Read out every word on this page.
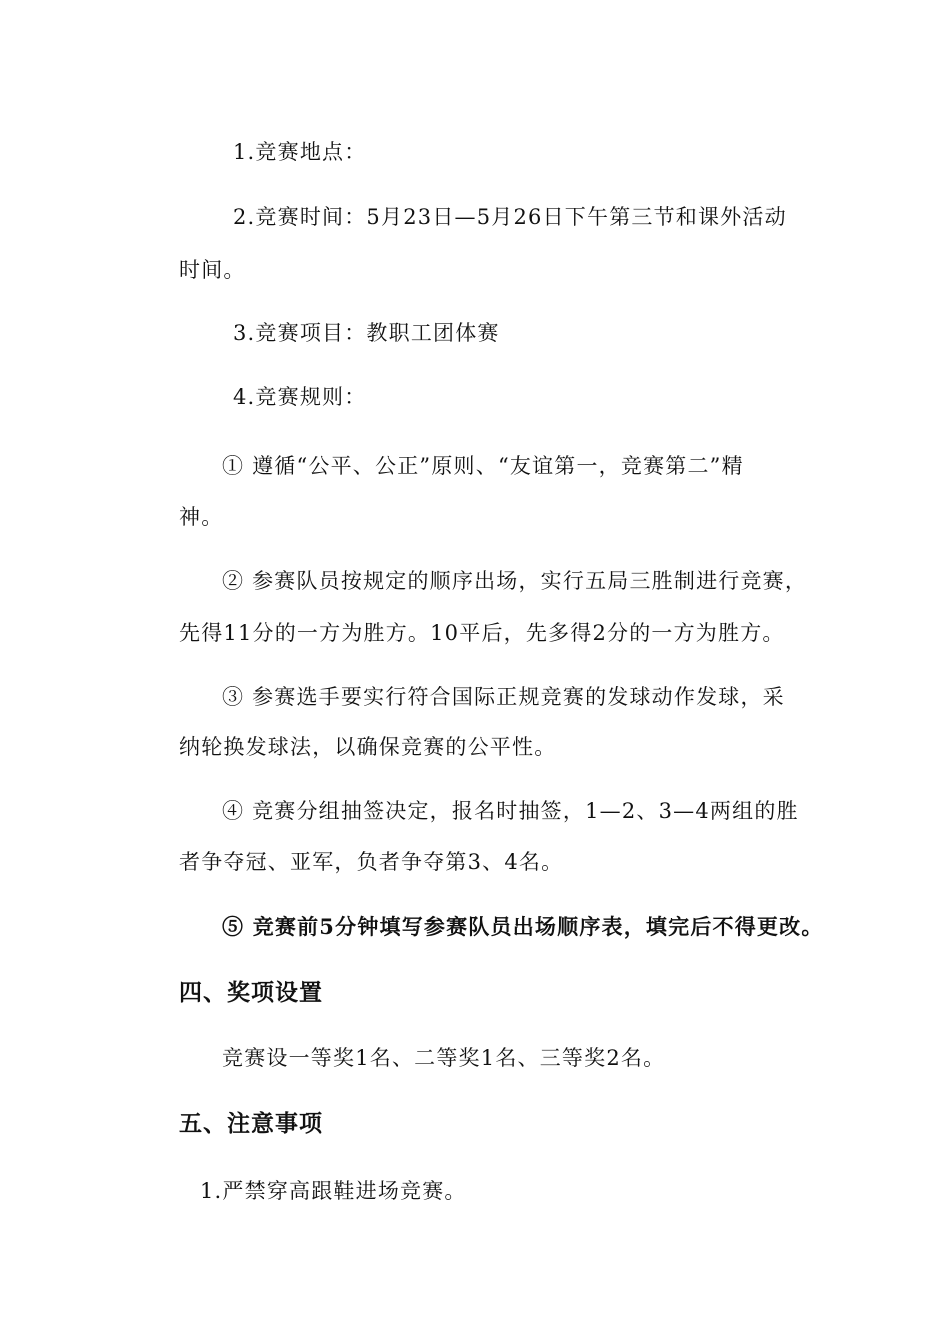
1.竞赛地点：
2.竞赛时间：5月23日—5月26日下午第三节和课外活动
时间。
3.竞赛项目：教职工团体赛
4.竞赛规则：
① 遵循“公平、公正”原则、“友谊第一，竞赛第二”精
神。
② 参赛队员按规定的顺序出场，实行五局三胜制进行竞赛，
先得11分的一方为胜方。10平后，先多得2分的一方为胜方。
③ 参赛选手要实行符合国际正规竞赛的发球动作发球，采
纳轮换发球法，以确保竞赛的公平性。
④ 竞赛分组抽签决定，报名时抽签，1—2、3—4两组的胜
者争夺冠、亚军，负者争夺第3、4名。
⑤ 竞赛前5分钟填写参赛队员出场顺序表，填完后不得更改。
四、奖项设置
竞赛设一等奖1名、二等奖1名、三等奖2名。
五、注意事项
1.严禁穿高跟鞋进场竞赛。
